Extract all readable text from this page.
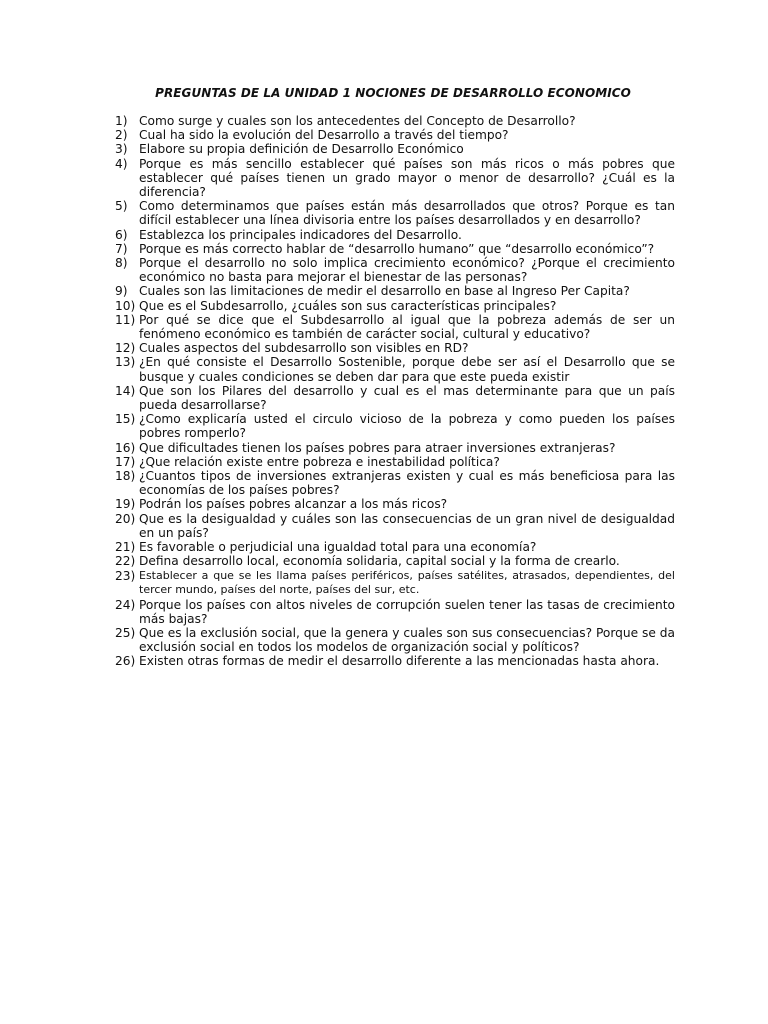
PREGUNTAS DE LA UNIDAD 1 NOCIONES DE DESARROLLO ECONOMICO
1) Como surge y cuales son los antecedentes del Concepto de Desarrollo?
2) Cual ha sido la evolución del Desarrollo a través del tiempo?
3) Elabore su propia definición de Desarrollo Económico
4) Porque es más sencillo establecer qué países son más ricos o más pobres que establecer qué países tienen un grado mayor o menor de desarrollo? ¿Cuál es la diferencia?
5) Como determinamos que países están más desarrollados que otros? Porque es tan difícil establecer una línea divisoria entre los países desarrollados y en desarrollo?
6) Establezca los principales indicadores del Desarrollo.
7) Porque es más correcto hablar de “desarrollo humano” que “desarrollo económico”?
8) Porque el desarrollo no solo implica crecimiento económico? ¿Porque el crecimiento económico no basta para mejorar el bienestar de las personas?
9) Cuales son las limitaciones de medir el desarrollo en base al Ingreso Per Capita?
10) Que es el Subdesarrollo, ¿cuáles son sus características principales?
11) Por qué se dice que el Subdesarrollo al igual que la pobreza además de ser un fenómeno económico es también de carácter social, cultural y educativo?
12) Cuales aspectos del subdesarrollo son visibles en RD?
13) ¿En qué consiste el Desarrollo Sostenible, porque debe ser así el Desarrollo que se busque y cuales condiciones se deben dar para que este pueda existir
14) Que son los Pilares del desarrollo y cual es el mas determinante para que un país pueda desarrollarse?
15) ¿Como explicaría usted el circulo vicioso de la pobreza y como pueden los países pobres romperlo?
16) Que dificultades tienen los países pobres para atraer inversiones extranjeras?
17) ¿Que relación existe entre pobreza e inestabilidad política?
18) ¿Cuantos tipos de inversiones extranjeras existen y cual es más beneficiosa para las economías de los países pobres?
19) Podrán los países pobres alcanzar a los más ricos?
20) Que es la desigualdad y cuáles son las consecuencias de un gran nivel de desigualdad en un país?
21) Es favorable o perjudicial una igualdad total para una economía?
22) Defina desarrollo local, economía solidaria, capital social y la forma de crearlo.
23) Establecer a que se les llama países periféricos, países satélites, atrasados, dependientes, del tercer mundo, países del norte, países del sur, etc.
24) Porque los países con altos niveles de corrupción suelen tener las tasas de crecimiento más bajas?
25) Que es la exclusión social, que la genera y cuales son sus consecuencias? Porque se da exclusión social en todos los modelos de organización social y políticos?
26) Existen otras formas de medir el desarrollo diferente a las mencionadas hasta ahora.
